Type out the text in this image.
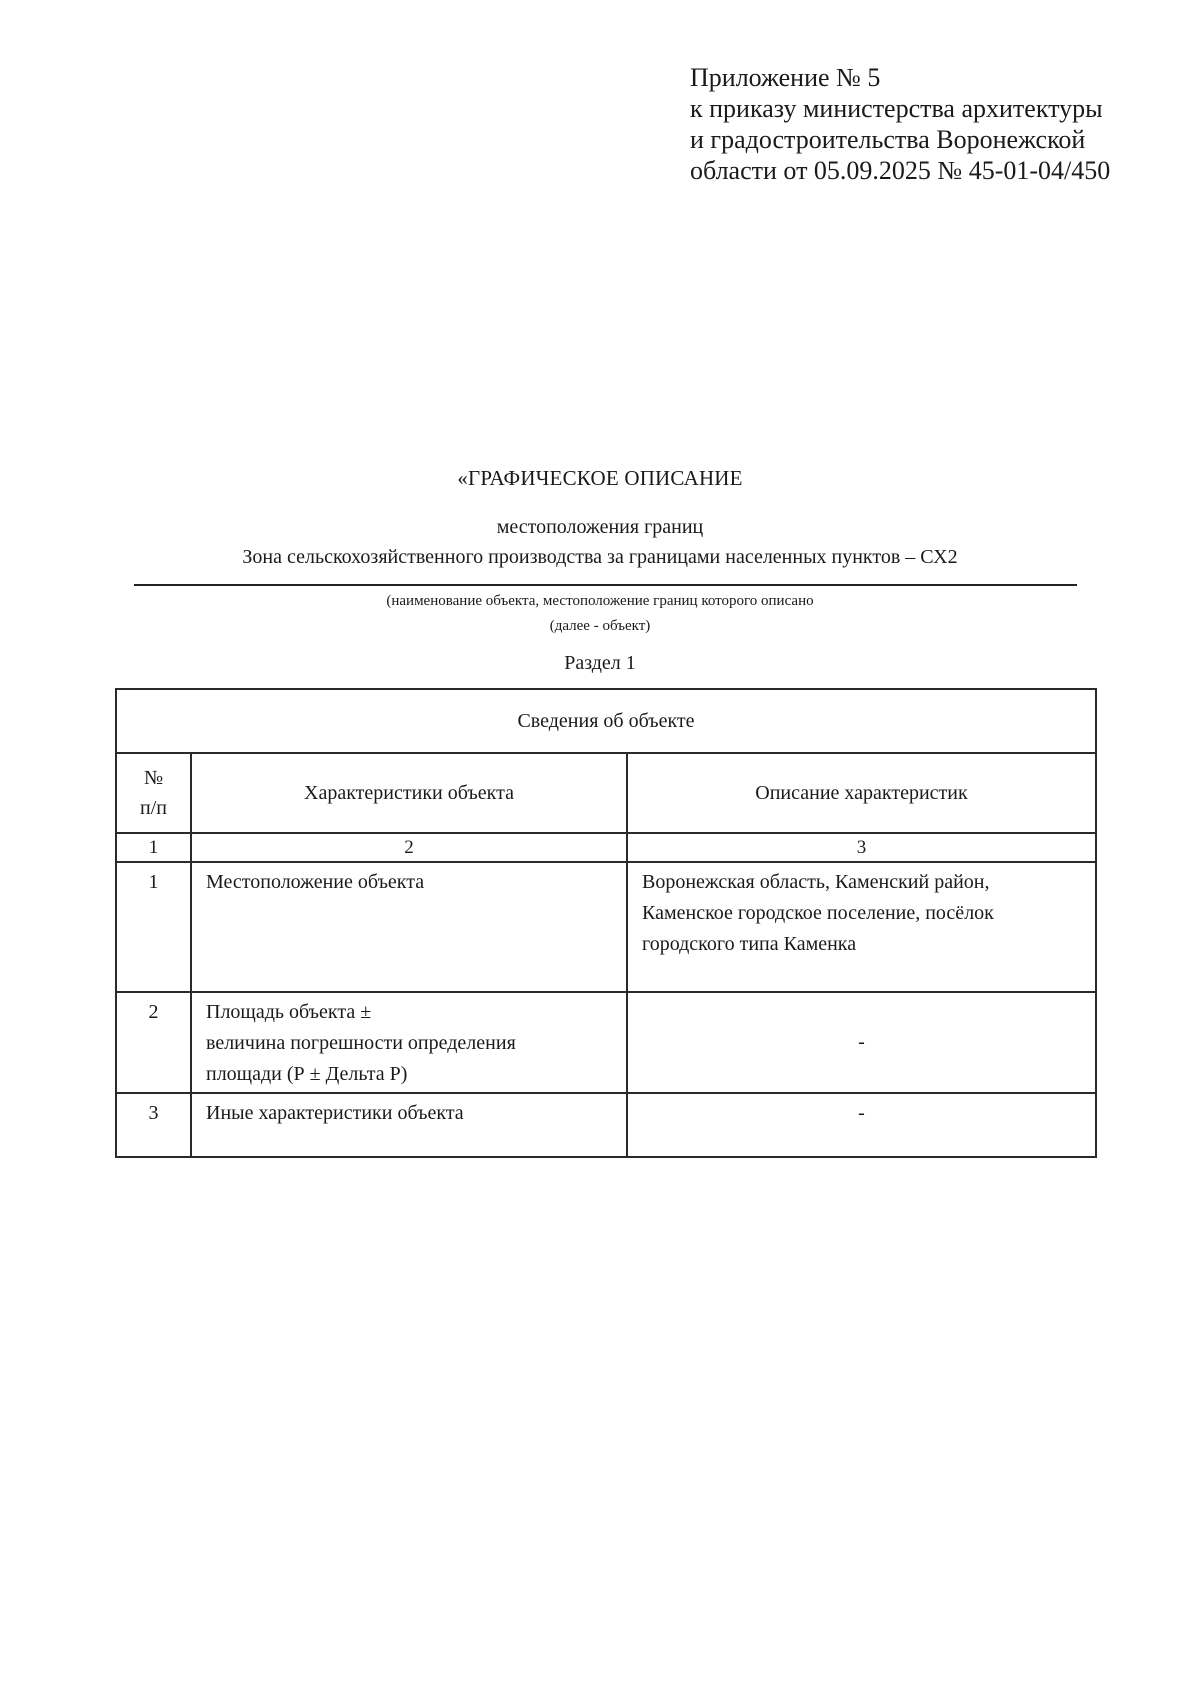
Приложение № 5
к приказу министерства архитектуры
и градостроительства Воронежской
области от 05.09.2025 № 45-01-04/450
«ГРАФИЧЕСКОЕ ОПИСАНИЕ
местоположения границ
Зона сельскохозяйственного производства за границами населенных пунктов – СХ2
(наименование объекта, местоположение границ которого описано
(далее - объект)
Раздел 1
Сведения об объекте		

№
п/п	Характеристики объекта	Описание характеристик
1	2	3
1	Местоположение объекта	Воронежская область, Каменский район,
Каменское городское поселение, посёлок
городского типа Каменка

2	Площадь объекта ±
величина погрешности определения
площади (Р ± Дельта Р)	-
3	Иные характеристики объекта	-
